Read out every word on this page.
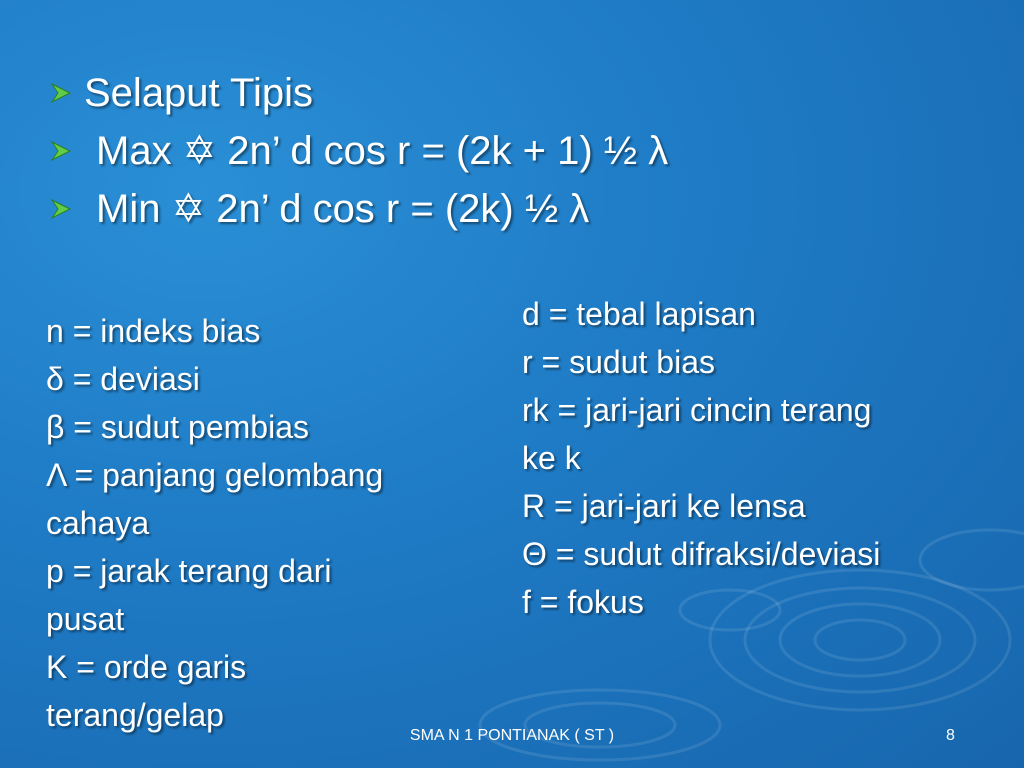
Selaput Tipis
Max ✡ 2n’ d cos r = (2k + 1) ½ λ
Min ✡ 2n’ d cos r = (2k) ½ λ
n = indeks bias
δ = deviasi
β = sudut pembias
Λ = panjang gelombang
cahaya
p = jarak terang dari
pusat
K = orde garis
terang/gelap
d = tebal lapisan
r = sudut bias
rk = jari-jari cincin terang
ke k
R = jari-jari ke lensa
Θ = sudut difraksi/deviasi
f = fokus
SMA N 1 PONTIANAK ( ST )	8
